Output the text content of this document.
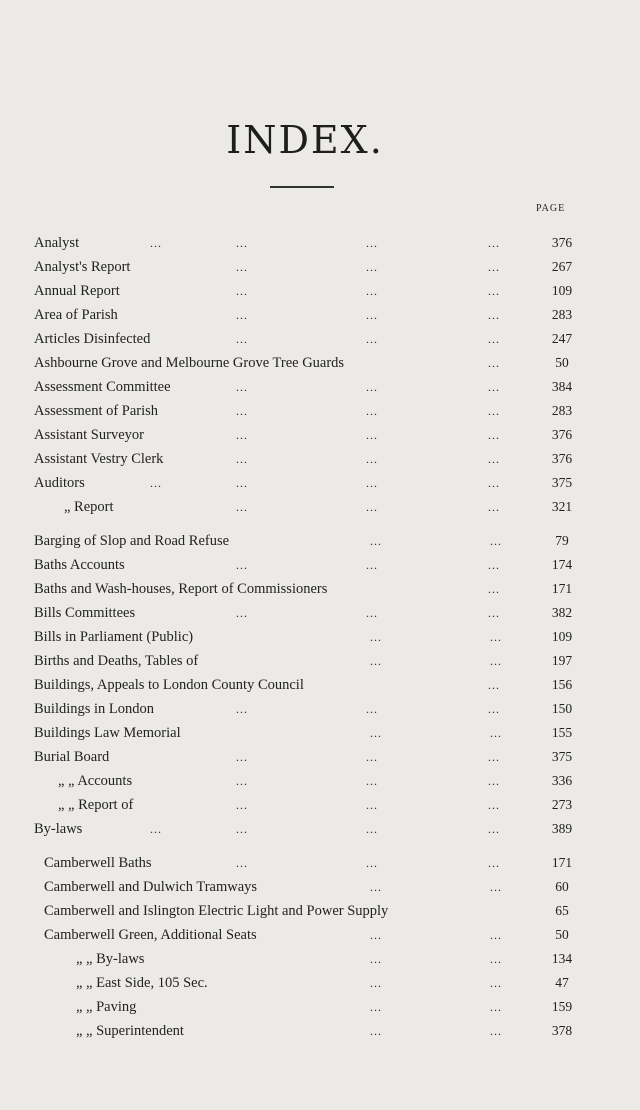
INDEX.
PAGE
Analyst	...	...	...	...	376
Analyst's Report	...	...	...	267
Annual Report	...	...	...	109
Area of Parish	...	...	...	283
Articles Disinfected	...	...	...	247
Ashbourne Grove and Melbourne Grove Tree Guards	...	50
Assessment Committee	...	...	...	384
Assessment of Parish	...	...	...	283
Assistant Surveyor	...	...	...	376
Assistant Vestry Clerk	...	...	...	376
Auditors	...	...	...	...	375
„ Report	...	...	...	321
Barging of Slop and Road Refuse	...	...	79
Baths Accounts	...	...	...	174
Baths and Wash-houses, Report of Commissioners	...	171
Bills Committees	...	...	...	382
Bills in Parliament (Public)	...	...	109
Births and Deaths, Tables of	...	...	197
Buildings, Appeals to London County Council	...	156
Buildings in London	...	...	...	150
Buildings Law Memorial	...	...	155
Burial Board	...	...	...	375
„ „ Accounts	...	...	...	336
„ „ Report of	...	...	...	273
By-laws	...	...	...	...	389
Camberwell Baths	...	...	...	171
Camberwell and Dulwich Tramways	...	...	60
Camberwell and Islington Electric Light and Power Supply	65
Camberwell Green, Additional Seats	...	...	50
„ „ By-laws	...	...	134
„ „ East Side, 105 Sec.	...	...	47
„ „ Paving	...	...	159
„ „ Superintendent	...	...	378
